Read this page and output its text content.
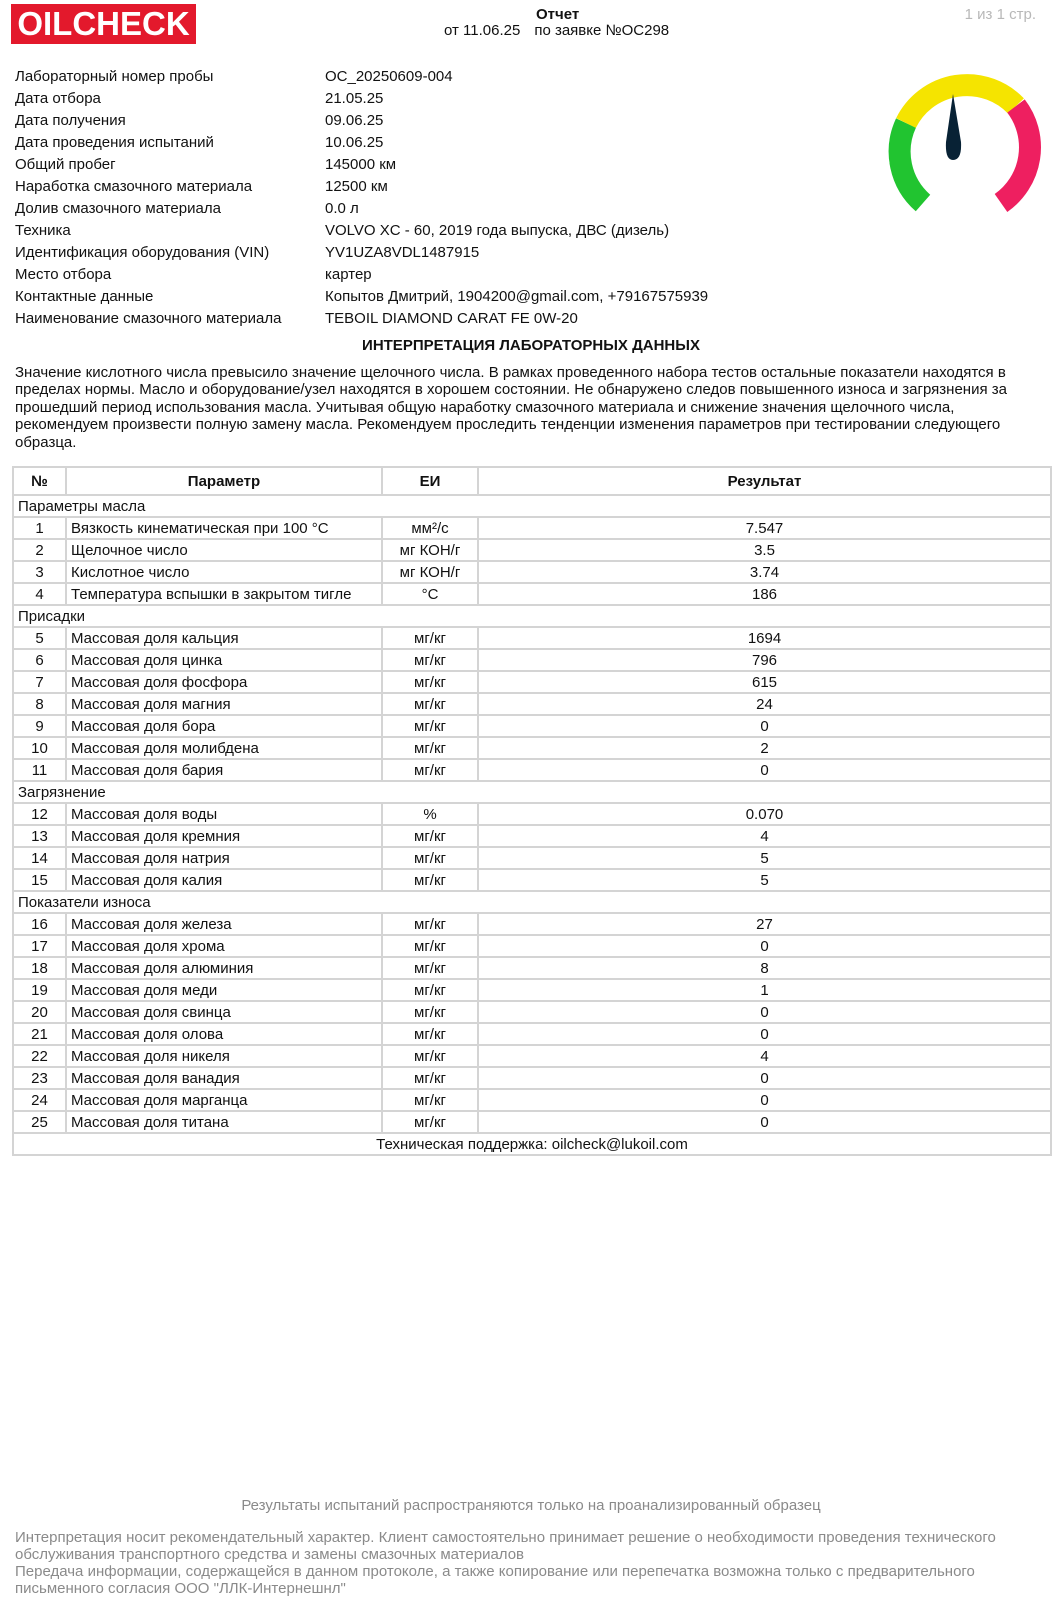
OILCHECK	Отчет
от 11.06.25 по заявке №OC298
1 из 1 стр.
Лабораторный номер пробы	OC_20250609-004
Дата отбора	21.05.25
Дата получения	09.06.25
Дата проведения испытаний	10.06.25
Общий пробег	145000 км
Наработка смазочного материала	12500 км
Долив смазочного материала	0.0 л
Техника	VOLVO XC - 60, 2019 года выпуска, ДВС (дизель)
Идентификация оборудования (VIN)	YV1UZA8VDL1487915
Место отбора	картер
Контактные данные	Копытов Дмитрий, 1904200@gmail.com, +79167575939
Наименование смазочного материала	TEBOIL DIAMOND CARAT FE 0W-20
ИНТЕРПРЕТАЦИЯ ЛАБОРАТОРНЫХ ДАННЫХ
Значение кислотного числа превысило значение щелочного числа. В рамках проведенного набора тестов остальные показатели находятся в пределах нормы. Масло и оборудование/узел находятся в хорошем состоянии. Не обнаружено следов повышенного износа и загрязнения за прошедший период использования масла. Учитывая общую наработку смазочного материала и снижение значения щелочного числа, рекомендуем произвести полную замену масла. Рекомендуем проследить тенденции изменения параметров при тестировании следующего образца.
№	Параметр	ЕИ	Результат
Параметры масла			
1	Вязкость кинематическая при 100 °С	мм²/с	7.547
2	Щелочное число	мг КОН/г	3.5
3	Кислотное число	мг КОН/г	3.74
4	Температура вспышки в закрытом тигле	°С	186
Присадки			
5	Массовая доля кальция	мг/кг	1694
6	Массовая доля цинка	мг/кг	796
7	Массовая доля фосфора	мг/кг	615
8	Массовая доля магния	мг/кг	24
9	Массовая доля бора	мг/кг	0
10	Массовая доля молибдена	мг/кг	2
11	Массовая доля бария	мг/кг	0
Загрязнение			
12	Массовая доля воды	%	0.070
13	Массовая доля кремния	мг/кг	4
14	Массовая доля натрия	мг/кг	5
15	Массовая доля калия	мг/кг	5
Показатели износа			
16	Массовая доля железа	мг/кг	27
17	Массовая доля хрома	мг/кг	0
18	Массовая доля алюминия	мг/кг	8
19	Массовая доля меди	мг/кг	1
20	Массовая доля свинца	мг/кг	0
21	Массовая доля олова	мг/кг	0
22	Массовая доля никеля	мг/кг	4
23	Массовая доля ванадия	мг/кг	0
24	Массовая доля марганца	мг/кг	0
25	Массовая доля титана	мг/кг	0
Техническая поддержка: oilcheck@lukoil.com			
Результаты испытаний распространяются только на проанализированный образец
Интерпретация носит рекомендательный характер. Клиент самостоятельно принимает решение о необходимости проведения технического обслуживания транспортного средства и замены смазочных материалов
Передача информации, содержащейся в данном протоколе, а также копирование или перепечатка возможна только с предварительного письменного согласия ООО "ЛЛК-Интернешнл"
